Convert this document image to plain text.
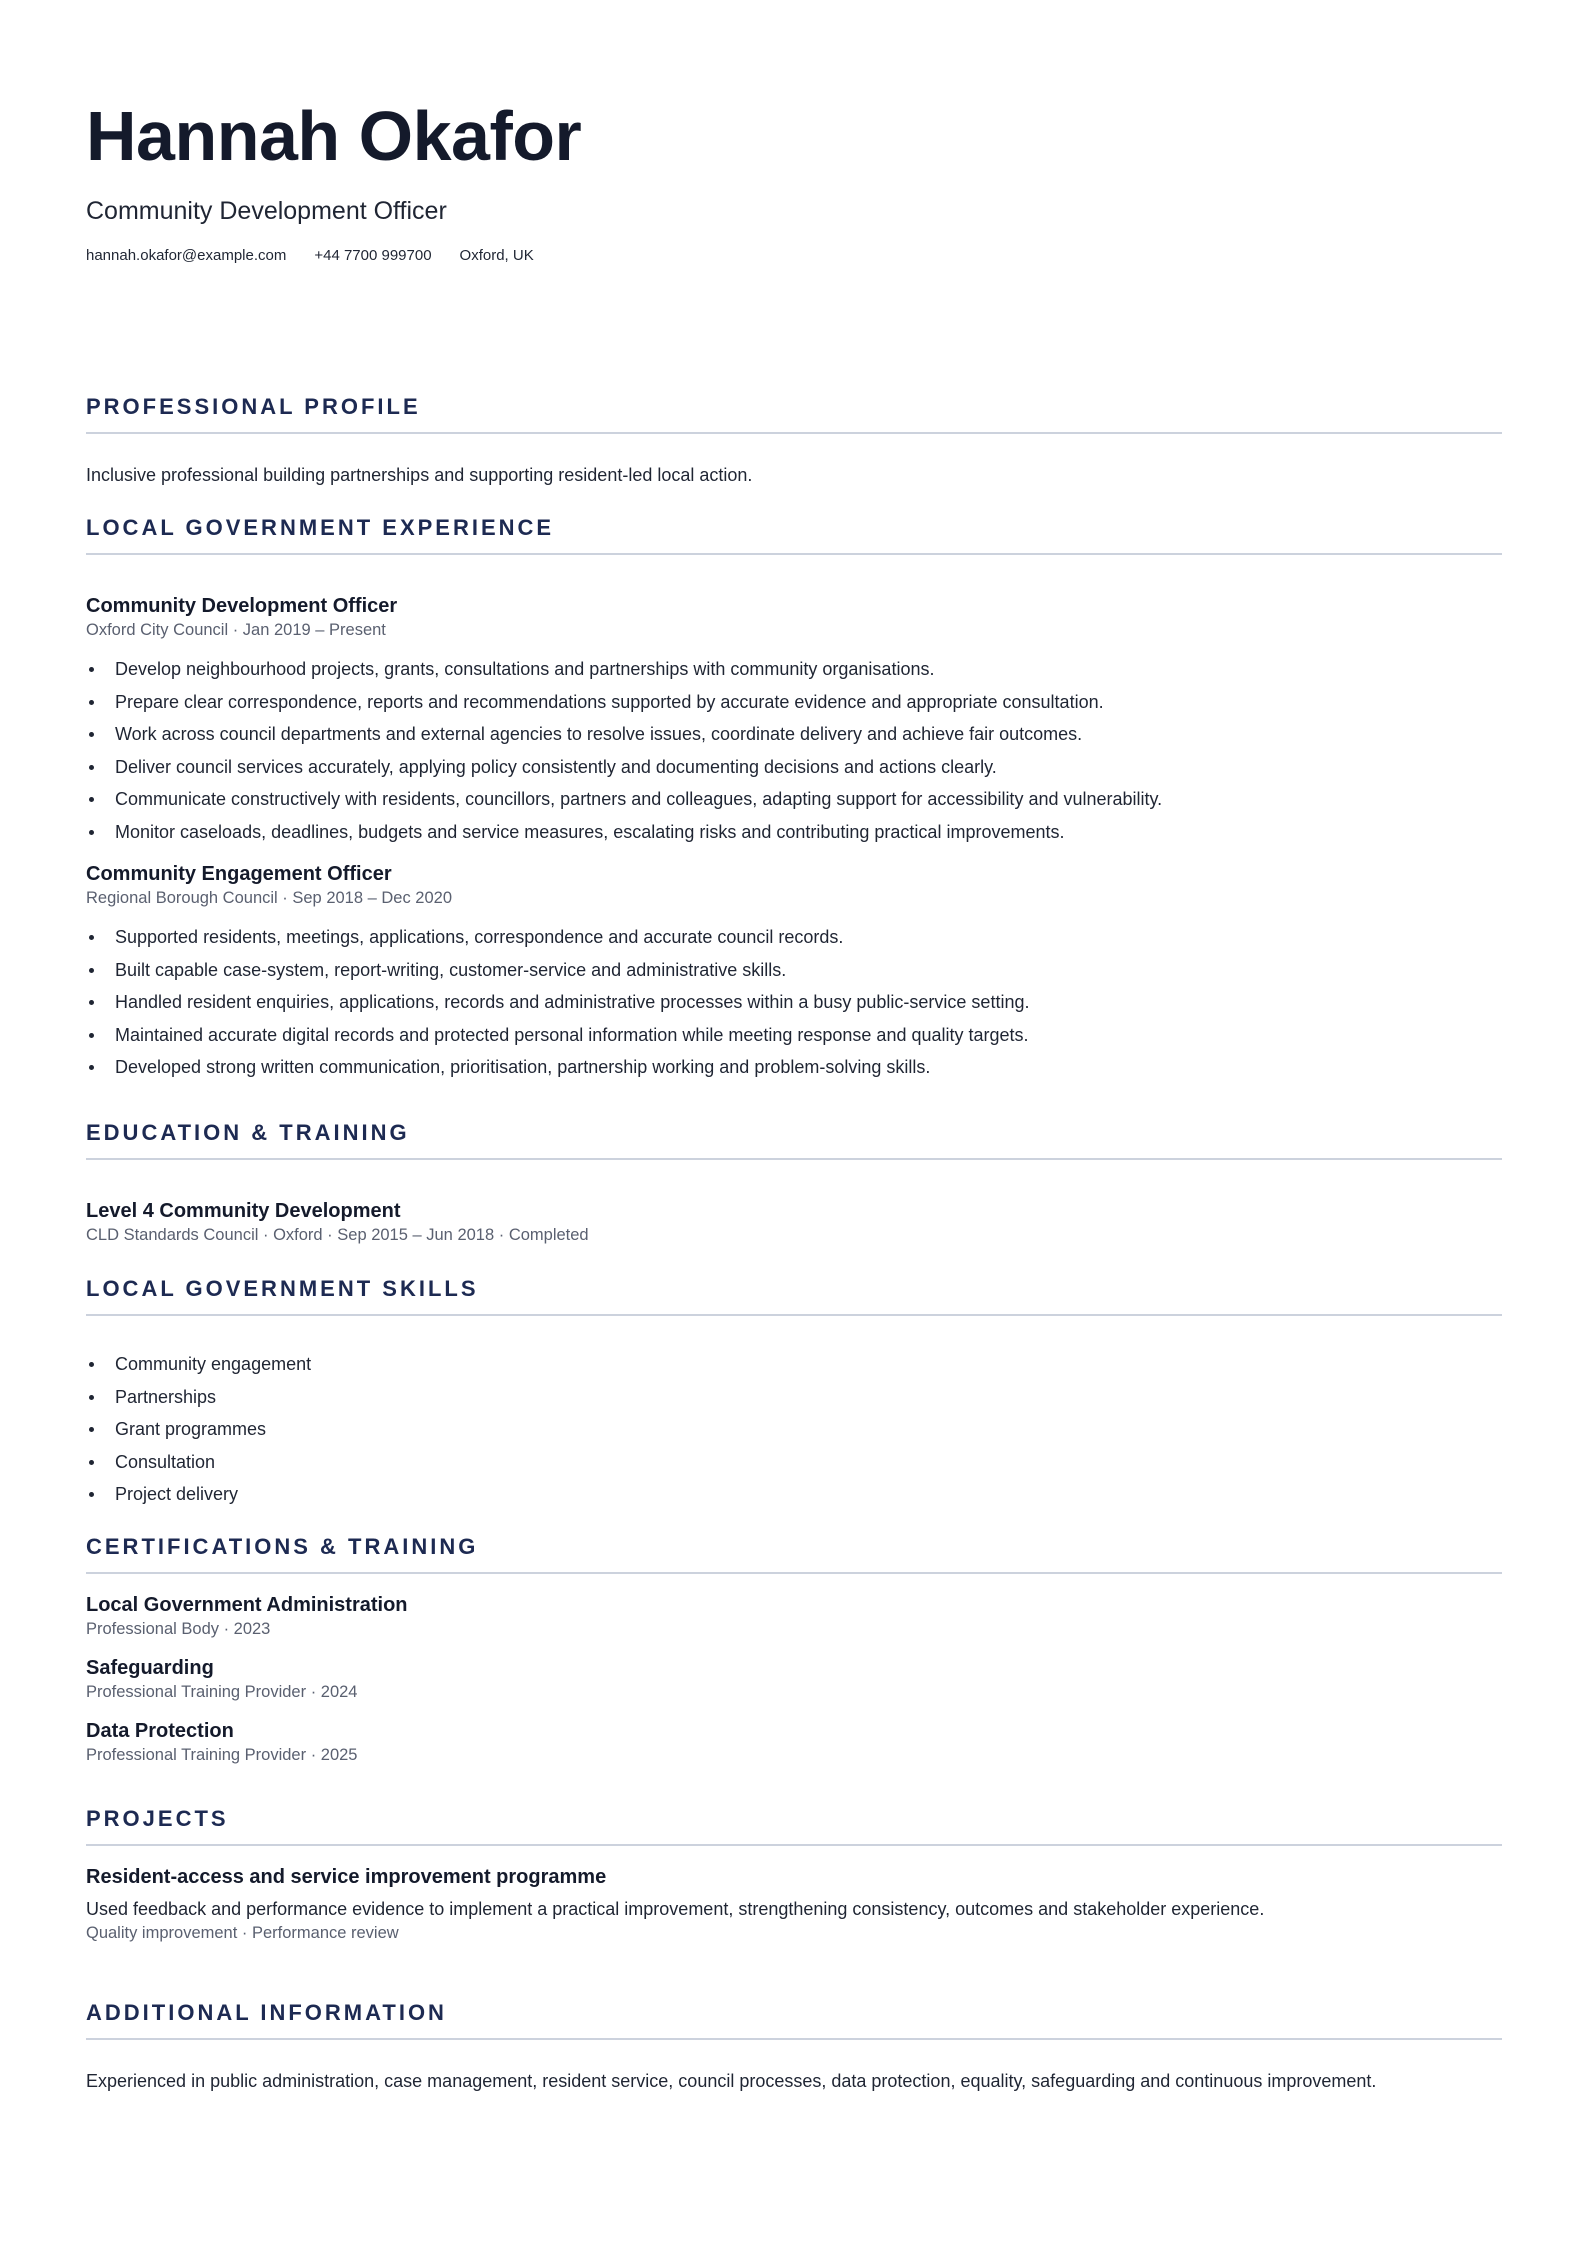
Hannah Okafor
Community Development Officer
hannah.okafor@example.com +44 7700 999700 Oxford, UK
PROFESSIONAL PROFILE
Inclusive professional building partnerships and supporting resident-led local action.
LOCAL GOVERNMENT EXPERIENCE
Community Development Officer
Oxford City Council · Jan 2019 – Present
Develop neighbourhood projects, grants, consultations and partnerships with community organisations.
Prepare clear correspondence, reports and recommendations supported by accurate evidence and appropriate consultation.
Work across council departments and external agencies to resolve issues, coordinate delivery and achieve fair outcomes.
Deliver council services accurately, applying policy consistently and documenting decisions and actions clearly.
Communicate constructively with residents, councillors, partners and colleagues, adapting support for accessibility and vulnerability.
Monitor caseloads, deadlines, budgets and service measures, escalating risks and contributing practical improvements.
Community Engagement Officer
Regional Borough Council · Sep 2018 – Dec 2020
Supported residents, meetings, applications, correspondence and accurate council records.
Built capable case-system, report-writing, customer-service and administrative skills.
Handled resident enquiries, applications, records and administrative processes within a busy public-service setting.
Maintained accurate digital records and protected personal information while meeting response and quality targets.
Developed strong written communication, prioritisation, partnership working and problem-solving skills.
EDUCATION & TRAINING
Level 4 Community Development
CLD Standards Council · Oxford · Sep 2015 – Jun 2018 · Completed
LOCAL GOVERNMENT SKILLS
Community engagement
Partnerships
Grant programmes
Consultation
Project delivery
CERTIFICATIONS & TRAINING
Local Government Administration
Professional Body · 2023
Safeguarding
Professional Training Provider · 2024
Data Protection
Professional Training Provider · 2025
PROJECTS
Resident-access and service improvement programme
Used feedback and performance evidence to implement a practical improvement, strengthening consistency, outcomes and stakeholder experience.
Quality improvement · Performance review
ADDITIONAL INFORMATION
Experienced in public administration, case management, resident service, council processes, data protection, equality, safeguarding and continuous improvement.
